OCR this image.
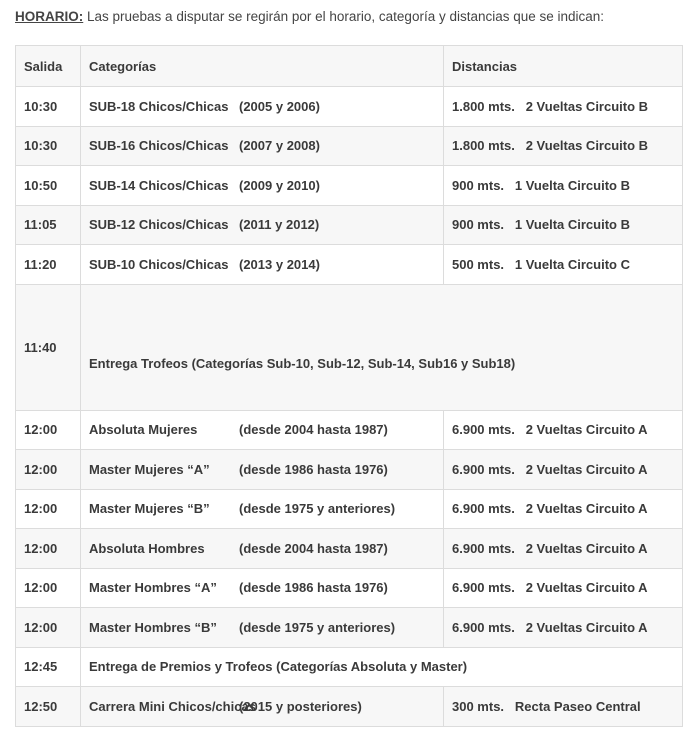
HORARIO: Las pruebas a disputar se regirán por el horario, categoría y distancias que se indican:
Salida	Categorías	Distancias
10:30	SUB-18 Chicos/Chicas (2005 y 2006)	1.800 mts. 2 Vueltas Circuito B
10:30	SUB-16 Chicos/Chicas (2007 y 2008)	1.800 mts. 2 Vueltas Circuito B
10:50	SUB-14 Chicos/Chicas (2009 y 2010)	900 mts. 1 Vuelta Circuito B
11:05	SUB-12 Chicos/Chicas (2011 y 2012)	900 mts. 1 Vuelta Circuito B
11:20	SUB-10 Chicos/Chicas (2013 y 2014)	500 mts. 1 Vuelta Circuito C
11:40	Entrega Trofeos (Categorías Sub-10, Sub-12, Sub-14, Sub16 y Sub18)	
12:00	Absoluta Mujeres (desde 2004 hasta 1987)	6.900 mts. 2 Vueltas Circuito A
12:00	Master Mujeres “A” (desde 1986 hasta 1976)	6.900 mts. 2 Vueltas Circuito A
12:00	Master Mujeres “B” (desde 1975 y anteriores)	6.900 mts. 2 Vueltas Circuito A
12:00	Absoluta Hombres (desde 2004 hasta 1987)	6.900 mts. 2 Vueltas Circuito A
12:00	Master Hombres “A” (desde 1986 hasta 1976)	6.900 mts. 2 Vueltas Circuito A
12:00	Master Hombres “B” (desde 1975 y anteriores)	6.900 mts. 2 Vueltas Circuito A
12:45	Entrega de Premios y Trofeos (Categorías Absoluta y Master)	
12:50	Carrera Mini Chicos/chicas(2015 y posteriores)	300 mts. Recta Paseo Central
